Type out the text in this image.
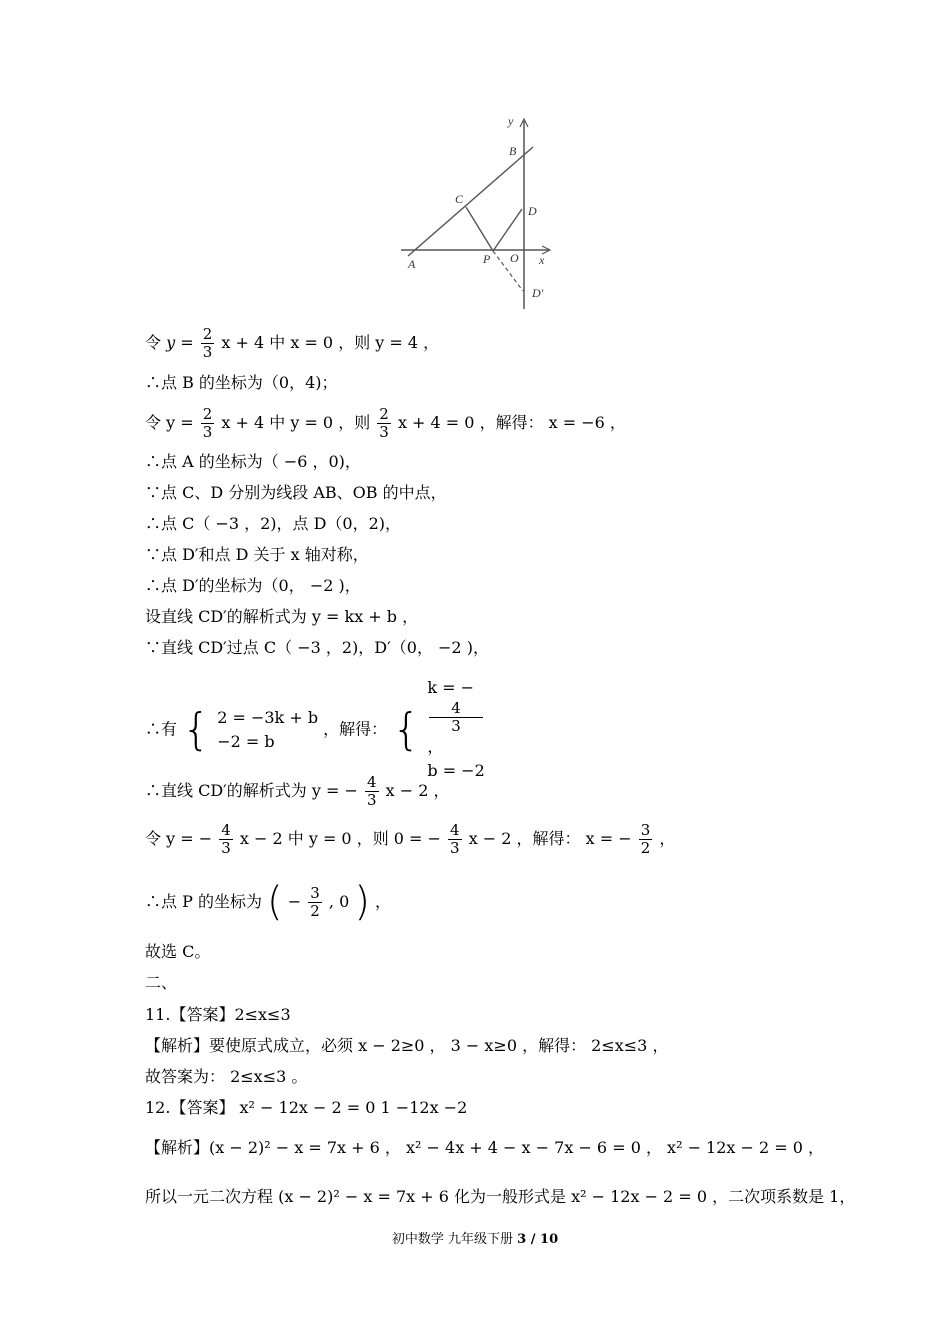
y
B
C
D
A	P O x
D′
令 $y = \frac{2}{3}$ x + 4 中 x = 0 ，则 y = 4 ，
∴点 B 的坐标为（0，4)；
令 $y = \frac{2}{3}$ x + 4 中 y = 0 ，则 $\frac{2}{3}$ x + 4 = 0 ，解得： x = −6 ，
∴点 A 的坐标为（ −6 ，0)，
∵点 C、D 分别为线段 AB、OB 的中点，
∴点 C（ −3 ，2)，点 D（0，2)，
∵点 D′和点 D 关于 x 轴对称，
∴点 D′的坐标为（0， −2 )，
设直线 CD′的解析式为 y = kx + b ，
∵直线 CD′过点 C（ −3 ，2)，D′（0， −2 )，
∴有 { 2 = −3k + b
−2 = b
，解得： {
k = −
4
3
，
b = −2
∴直线 CD′的解析式为 y = − $\frac{4}{3}$ x − 2 ，
令 y = − $\frac{4}{3}$ x − 2 中 y = 0 ，则 0 = − $\frac{4}{3}$ x − 2 ，解得： x = − $\frac{3}{2}$ ，
∴点 P 的坐标为 ( − $\frac{3}{2}$ , 0 ) ，
故选 C。
二、
11.【答案】2≤x≤3
【解析】要使原式成立，必须 x − 2≥0 ， 3 − x≥0 ，解得： 2≤x≤3 ，
故答案为： 2≤x≤3 。
12.【答案】 x² − 12x − 2 = 0 1 −12x −2
【解析】(x − 2)² − x = 7x + 6 ， x² − 4x + 4 − x − 7x − 6 = 0 ， x² − 12x − 2 = 0 ，
所以一元二次方程 (x − 2)² − x = 7x + 6 化为一般形式是 x² − 12x − 2 = 0 ，二次项系数是 1，
初中数学 九年级下册 3 / 10
